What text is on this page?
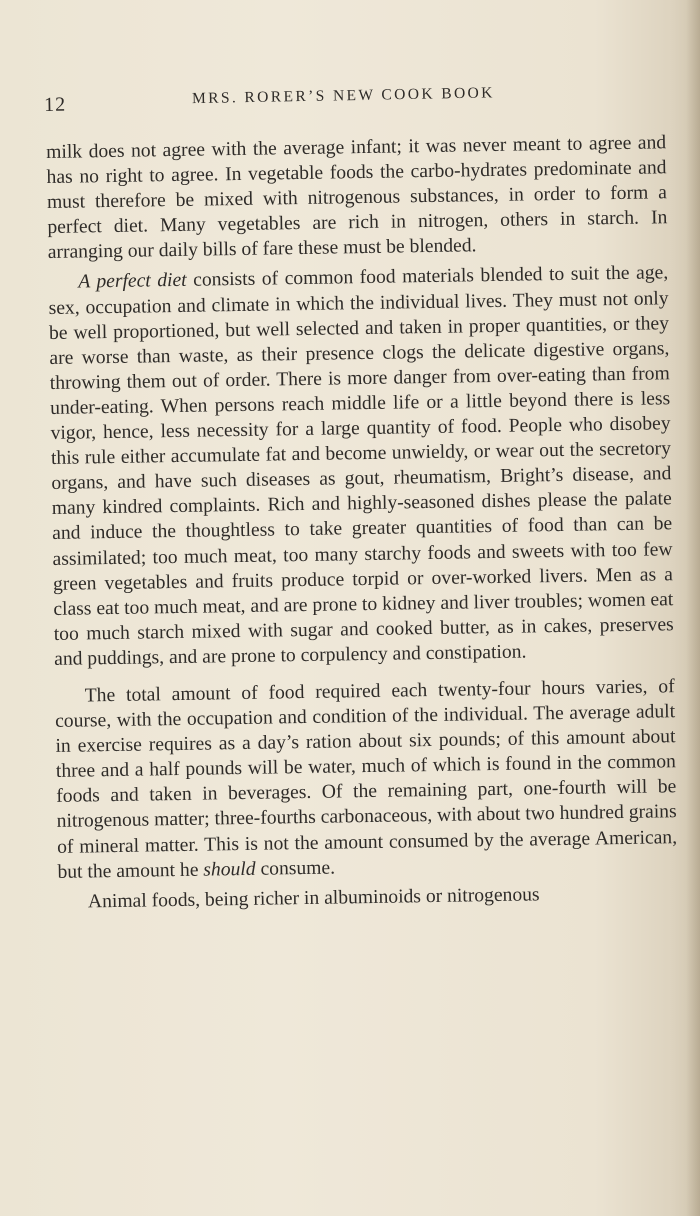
12	MRS. RORER’S NEW COOK BOOK

milk does not agree with the average infant; it was never meant to agree and has no right to agree. In vegetable foods the carbo-hydrates predominate and must therefore be mixed with nitrogenous substances, in order to form a perfect diet. Many vegetables are rich in nitrogen, others in starch. In arranging our daily bills of fare these must be blended.

A perfect diet consists of common food materials blended to suit the age, sex, occupation and climate in which the individual lives. They must not only be well proportioned, but well selected and taken in proper quantities, or they are worse than waste, as their presence clogs the delicate digestive organs, throwing them out of order. There is more danger from over-eating than from under-eating. When persons reach middle life or a little beyond there is less vigor, hence, less necessity for a large quantity of food. People who disobey this rule either accumulate fat and become unwieldy, or wear out the secretory organs, and have such diseases as gout, rheumatism, Bright’s disease, and many kindred complaints. Rich and highly-seasoned dishes please the palate and induce the thoughtless to take greater quantities of food than can be assimilated; too much meat, too many starchy foods and sweets with too few green vegetables and fruits produce torpid or over-worked livers. Men as a class eat too much meat, and are prone to kidney and liver troubles; women eat too much starch mixed with sugar and cooked butter, as in cakes, preserves and puddings, and are prone to corpulency and constipation.

The total amount of food required each twenty-four hours varies, of course, with the occupation and condition of the individual. The average adult in exercise requires as a day’s ration about six pounds; of this amount about three and a half pounds will be water, much of which is found in the common foods and taken in beverages. Of the remaining part, one-fourth will be nitrogenous matter; three-fourths carbonaceous, with about two hundred grains of mineral matter. This is not the amount consumed by the average American, but the amount he should consume.

Animal foods, being richer in albuminoids or nitrogenous
